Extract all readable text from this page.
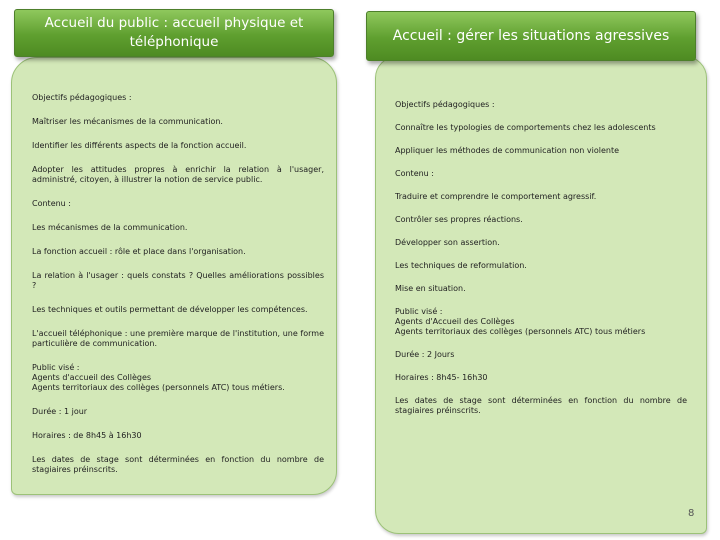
Accueil du public : accueil physique et téléphonique	Accueil : gérer les situations agressives

Objectifs pédagogiques :

Maîtriser les mécanismes de la communication.

Identifier les différents aspects de la fonction accueil.

Adopter les attitudes propres à enrichir la relation à l'usager, administré, citoyen, à illustrer la notion de service public.

Contenu :

Les mécanismes de la communication.

La fonction accueil : rôle et place dans l'organisation.

La relation à l'usager : quels constats ? Quelles améliorations possibles ?

Les techniques et outils permettant de développer les compétences.

L'accueil téléphonique : une première marque de l'institution, une forme particulière de communication.

Public visé :
Agents d'accueil des Collèges
Agents territoriaux des collèges (personnels ATC) tous métiers.

Durée : 1 jour

Horaires : de 8h45 à 16h30

Les dates de stage sont déterminées en fonction du nombre de stagiaires préinscrits.

Objectifs pédagogiques :

Connaître les typologies de comportements chez les adolescents

Appliquer les méthodes de communication non violente

Contenu :

Traduire et comprendre le comportement agressif.

Contrôler ses propres réactions.

Développer son assertion.

Les techniques de reformulation.

Mise en situation.

Public visé :
Agents d'Accueil des Collèges
Agents territoriaux des collèges (personnels ATC) tous métiers

Durée : 2 Jours

Horaires : 8h45- 16h30

Les dates de stage sont déterminées en fonction du nombre de stagiaires préinscrits.

8
